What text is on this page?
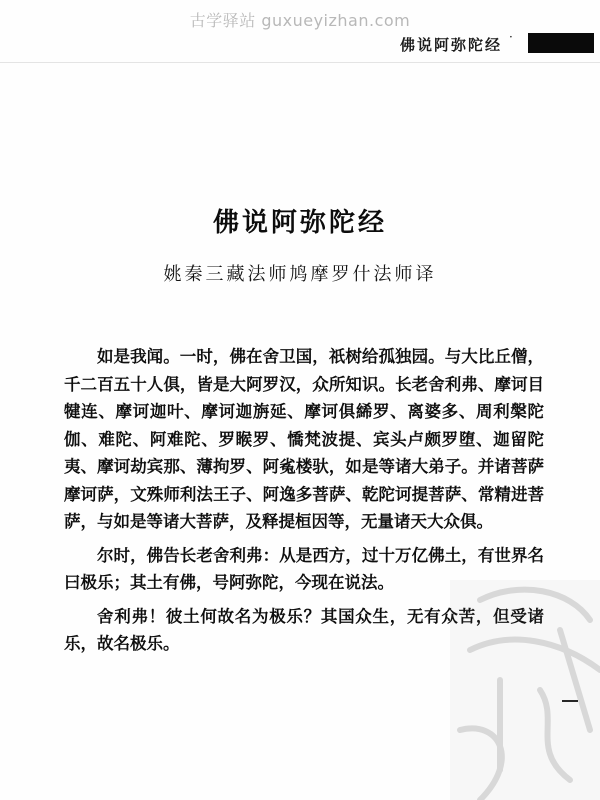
古学驿站 guxueyizhan.com
佛说阿弥陀经 ·
佛说阿弥陀经
姚秦三藏法师鸠摩罗什法师译

如是我闻。一时，佛在舍卫国，祇树给孤独园。与大比丘僧，千二百五十人俱，皆是大阿罗汉，众所知识。长老舍利弗、摩诃目犍连、摩诃迦叶、摩诃迦旃延、摩诃俱絺罗、离婆多、周利槃陀伽、难陀、阿难陀、罗睺罗、憍梵波提、宾头卢颇罗堕、迦留陀夷、摩诃劫宾那、薄拘罗、阿㝹楼驮，如是等诸大弟子。并诸菩萨摩诃萨，文殊师利法王子、阿逸多菩萨、乾陀诃提菩萨、常精进菩萨，与如是等诸大菩萨，及释提桓因等，无量诸天大众俱。

尔时，佛告长老舍利弗：从是西方，过十万亿佛土，有世界名曰极乐；其土有佛，号阿弥陀，今现在说法。

舍利弗！彼土何故名为极乐？其国众生，无有众苦，但受诸乐，故名极乐。
